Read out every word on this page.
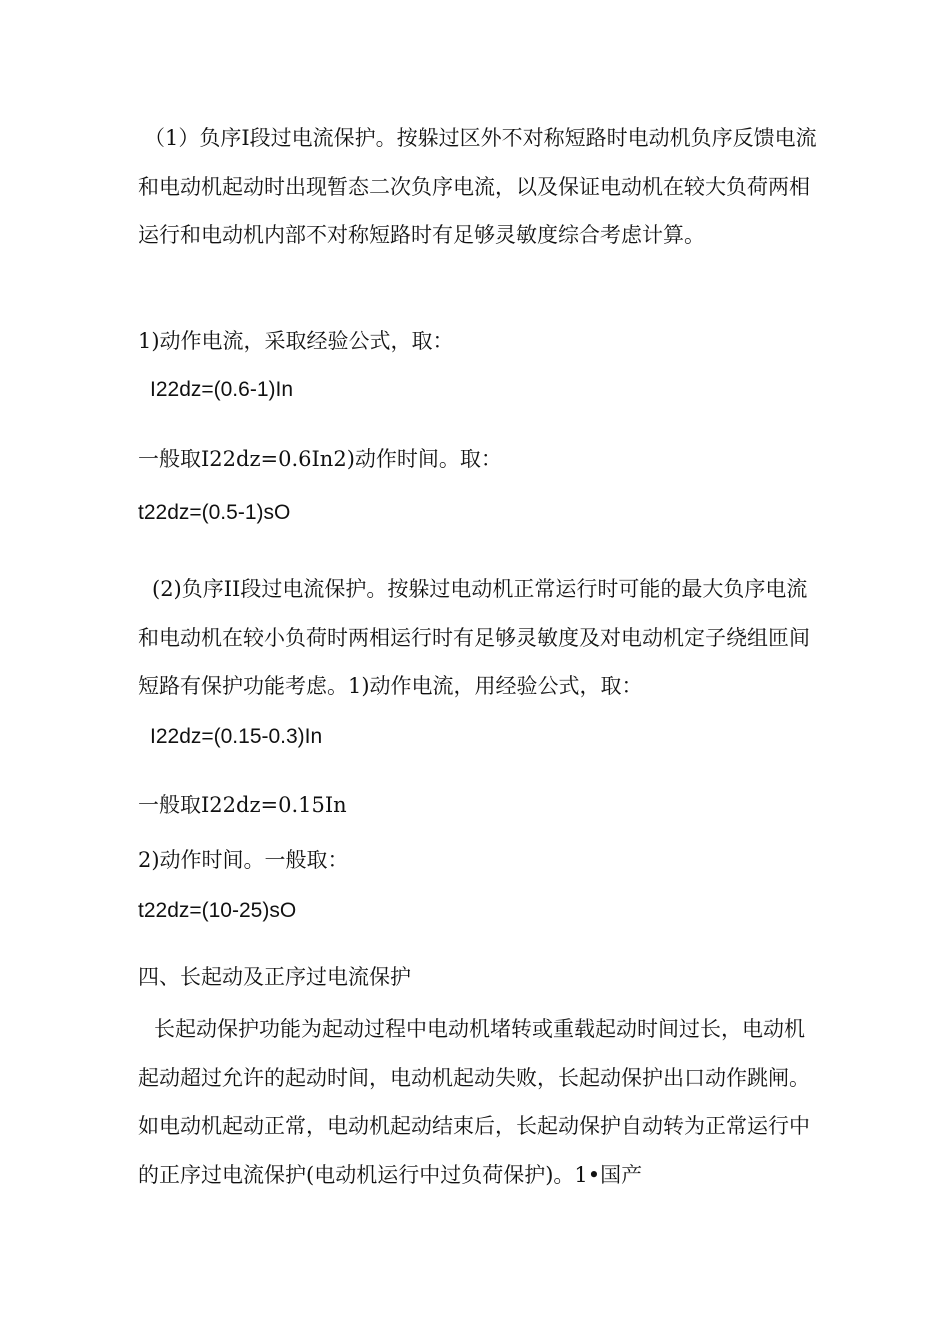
（1）负序Ⅰ段过电流保护。按躲过区外不对称短路时电动机负序反馈电流和电动机起动时出现暂态二次负序电流，以及保证电动机在较大负荷两相运行和电动机内部不对称短路时有足够灵敏度综合考虑计算。

1)动作电流，采取经验公式，取：

I22dz=(0.6-1)In

一般取I22dz=0.6In2)动作时间。取：

t22dz=(0.5-1)sO

(2)负序II段过电流保护。按躲过电动机正常运行时可能的最大负序电流和电动机在较小负荷时两相运行时有足够灵敏度及对电动机定子绕组匝间短路有保护功能考虑。1)动作电流，用经验公式，取：

I22dz=(0.15-0.3)In

一般取I22dz=0.15In

2)动作时间。一般取：

t22dz=(10-25)sO

四、长起动及正序过电流保护

长起动保护功能为起动过程中电动机堵转或重载起动时间过长，电动机起动超过允许的起动时间，电动机起动失败，长起动保护出口动作跳闸。如电动机起动正常，电动机起动结束后，长起动保护自动转为正常运行中的正序过电流保护(电动机运行中过负荷保护)。1•国产
